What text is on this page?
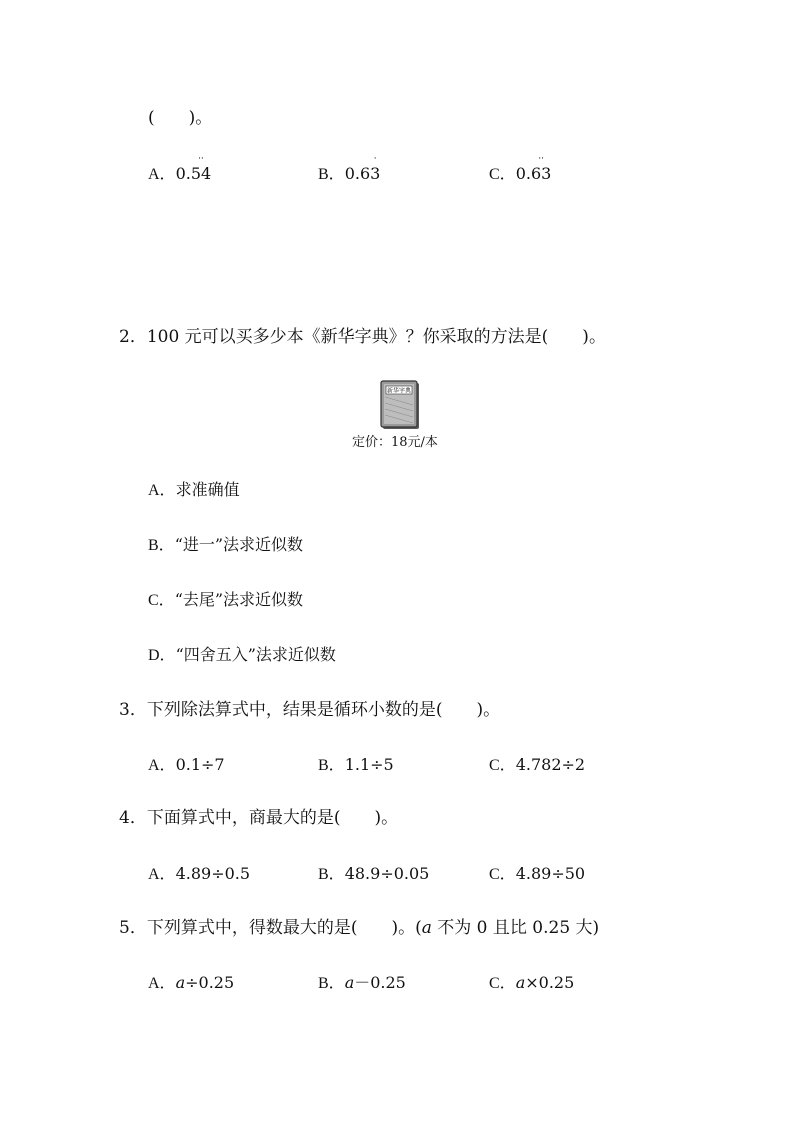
(　　)。
A．0.
··
54	B．0.6
·
3	C．0.
··
63
2．100 元可以买多少本《新华字典》？你采取的方法是(　　)。
新华字典
定价：18元/本
A．求准确值
B．“进一”法求近似数
C．“去尾”法求近似数
D．“四舍五入”法求近似数
3．下列除法算式中，结果是循环小数的是(　　)。
A．0.1÷7	B．1.1÷5	C．4.782÷2
4．下面算式中，商最大的是(　　)。
A．4.89÷0.5	B．48.9÷0.05	C．4.89÷50
5．下列算式中，得数最大的是(　　)。(a 不为 0 且比 0.25 大)
A．a÷0.25	B．a－0.25	C．a×0.25
